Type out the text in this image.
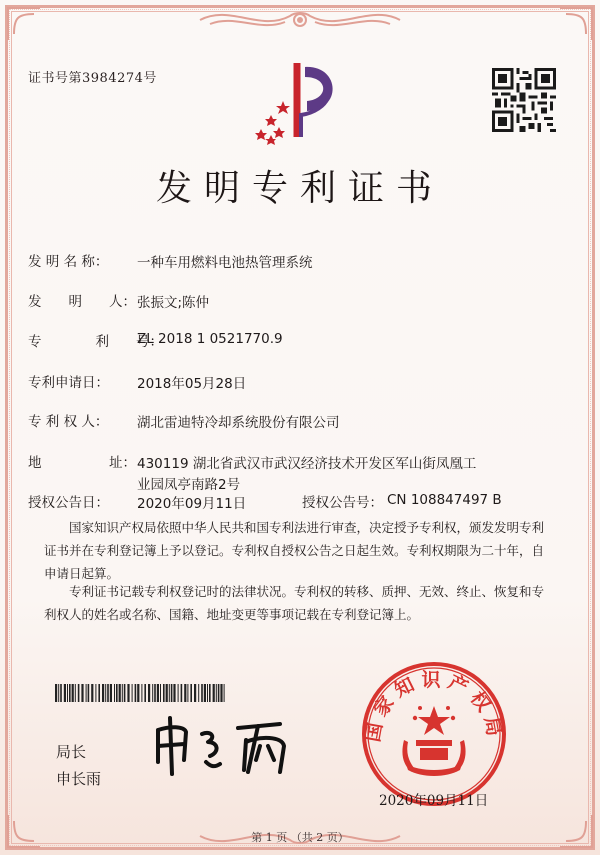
证书号第3984274号
发明专利证书
发 明 名 称： 一种车用燃料电池热管理系统
发　　明　　人： 张振文;陈仲
专　　　　利　　号：
ZL 2018 1 0521770.9
专利申请日： 2018年05月28日
专 利 权 人： 湖北雷迪特冷却系统股份有限公司
地　　　　　址： 430119 湖北省武汉市武汉经济技术开发区军山街凤凰工
业园凤亭南路2号
授权公告日： 2020年09月11日	授权公告号： CN 108847497 B

　　国家知识产权局依照中华人民共和国专利法进行审查，决定授予专利权，颁发发明专利

证书并在专利登记簿上予以登记。专利权自授权公告之日起生效。专利权期限为二十年，自

申请日起算。

　　专利证书记载专利权登记时的法律状况。专利权的转移、质押、无效、终止、恢复和专

利权人的姓名或名称、国籍、地址变更等事项记载在专利登记簿上。

局长
申长雨
国家知识产权局
2020年09月11日
第 1 页 （共 2 页）
